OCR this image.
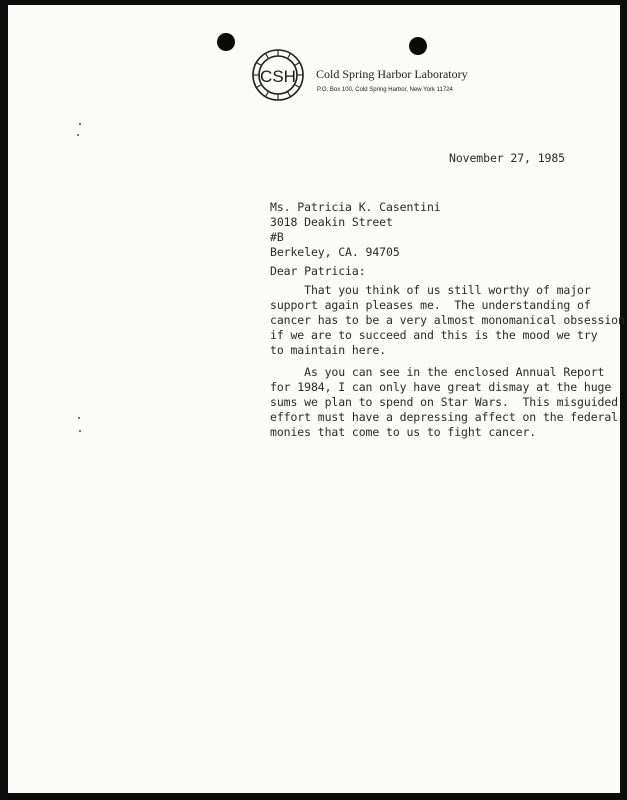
CSH Cold Spring Harbor Laboratory
P.O. Box 100, Cold Spring Harbor, New York 11724
November 27, 1985
Ms. Patricia K. Casentini
3018 Deakin Street
#B
Berkeley, CA. 94705
Dear Patricia:
That you think of us still worthy of major
support again pleases me.  The understanding of
cancer has to be a very almost monomanical obsession
if we are to succeed and this is the mood we try
to maintain here.
As you can see in the enclosed Annual Report
for 1984, I can only have great dismay at the huge
sums we plan to spend on Star Wars.  This misguided
effort must have a depressing affect on the federal
monies that come to us to fight cancer.
